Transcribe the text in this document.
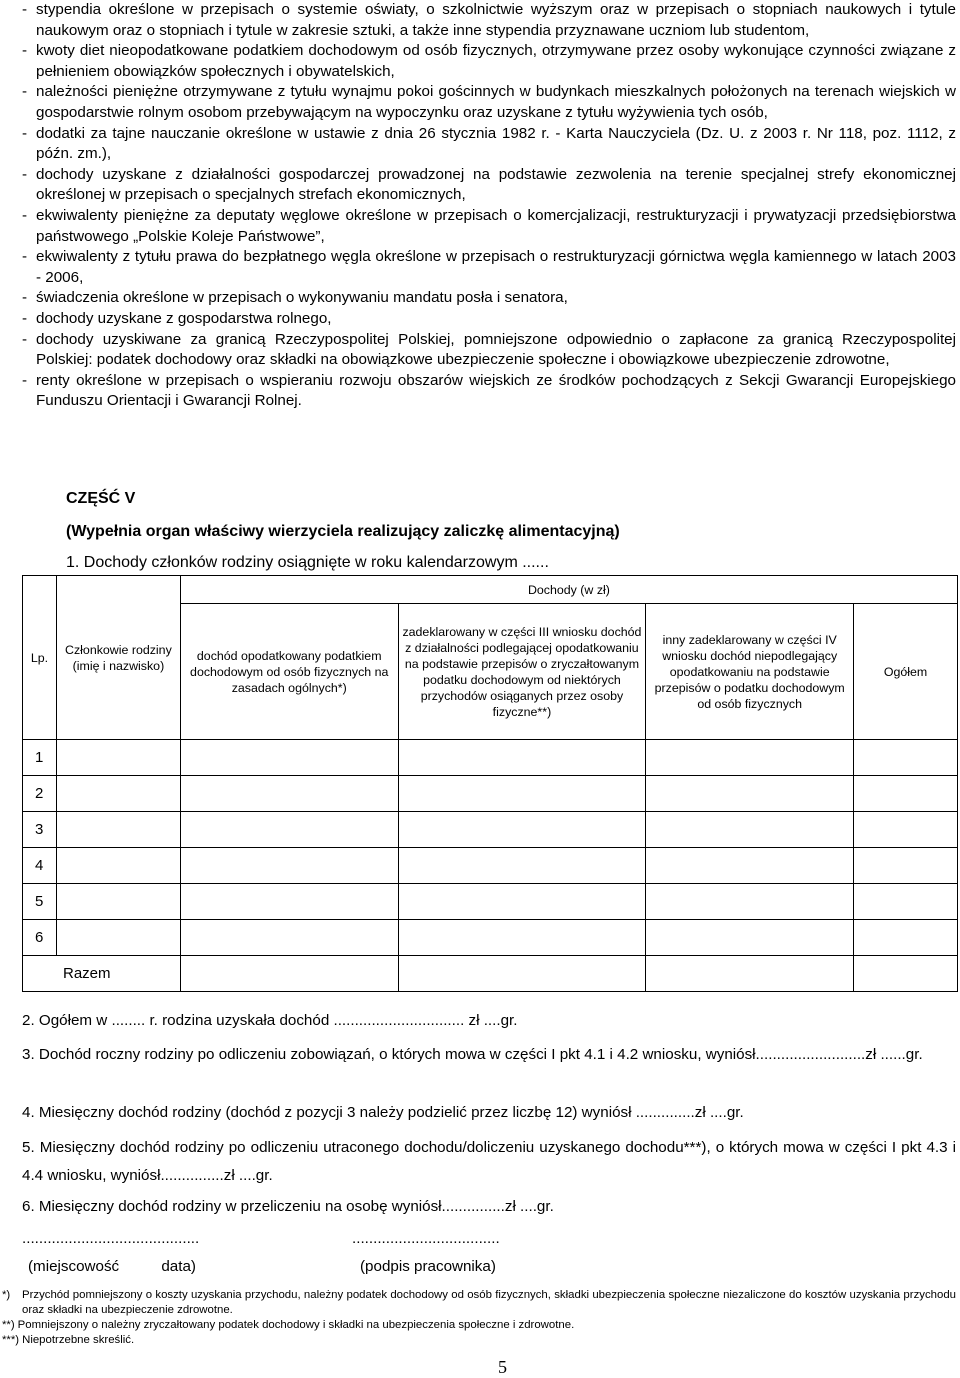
- stypendia określone w przepisach o systemie oświaty, o szkolnictwie wyższym oraz w przepisach o stopniach naukowych i tytule naukowym oraz o stopniach i tytule w zakresie sztuki, a także inne stypendia przyznawane uczniom lub studentom,
- kwoty diet nieopodatkowane podatkiem dochodowym od osób fizycznych, otrzymywane przez osoby wykonujące czynności związane z pełnieniem obowiązków społecznych i obywatelskich,
- należności pieniężne otrzymywane z tytułu wynajmu pokoi gościnnych w budynkach mieszkalnych położonych na terenach wiejskich w gospodarstwie rolnym osobom przebywającym na wypoczynku oraz uzyskane z tytułu wyżywienia tych osób,
- dodatki za tajne nauczanie określone w ustawie z dnia 26 stycznia 1982 r. - Karta Nauczyciela (Dz. U. z 2003 r. Nr 118, poz. 1112, z późn. zm.),
- dochody uzyskane z działalności gospodarczej prowadzonej na podstawie zezwolenia na terenie specjalnej strefy ekonomicznej określonej w przepisach o specjalnych strefach ekonomicznych,
- ekwiwalenty pieniężne za deputaty węglowe określone w przepisach o komercjalizacji, restrukturyzacji i prywatyzacji przedsiębiorstwa państwowego „Polskie Koleje Państwowe”,
- ekwiwalenty z tytułu prawa do bezpłatnego węgla określone w przepisach o restrukturyzacji górnictwa węgla kamiennego w latach 2003 - 2006,
- świadczenia określone w przepisach o wykonywaniu mandatu posła i senatora,
- dochody uzyskane z gospodarstwa rolnego,
- dochody uzyskiwane za granicą Rzeczypospolitej Polskiej, pomniejszone odpowiednio o zapłacone za granicą Rzeczypospolitej Polskiej: podatek dochodowy oraz składki na obowiązkowe ubezpieczenie społeczne i obowiązkowe ubezpieczenie zdrowotne,
- renty określone w przepisach o wspieraniu rozwoju obszarów wiejskich ze środków pochodzących z Sekcji Gwarancji Europejskiego Funduszu Orientacji i Gwarancji Rolnej.
CZĘŚĆ V
(Wypełnia organ właściwy wierzyciela realizujący zaliczkę alimentacyjną)
1. Dochody członków rodziny osiągnięte w roku kalendarzowym ......
Lp.	Członkowie rodziny (imię i nazwisko)	Dochody (w zł)			
		dochód opodatkowany podatkiem dochodowym od osób fizycznych na zasadach ogólnych*)	zadeklarowany w części III wniosku dochód z działalności podlegającej opodatkowaniu na podstawie przepisów o zryczałtowanym podatku dochodowym od niektórych przychodów osiąganych przez osoby fizyczne**)	inny zadeklarowany w części IV wniosku dochód niepodlegający opodatkowaniu na podstawie przepisów o podatku dochodowym od osób fizycznych	Ogółem
1					
2					
3					
4					
5					
6					
Razem					

2. Ogółem w ........ r. rodzina uzyskała dochód ............................... zł ....gr.

3. Dochód roczny rodziny po odliczeniu zobowiązań, o których mowa w części I pkt 4.1 i 4.2 wniosku, wyniósł..........................zł ......gr.

4. Miesięczny dochód rodziny (dochód z pozycji 3 należy podzielić przez liczbę 12) wyniósł ..............zł ....gr.

5. Miesięczny dochód rodziny po odliczeniu utraconego dochodu/doliczeniu uzyskanego dochodu***), o których mowa w części I pkt 4.3 i 4.4 wniosku, wyniósł...............zł ....gr.

6. Miesięczny dochód rodziny w przeliczeniu na osobę wyniósł...............zł ....gr.

..........................................	...................................

(miejscowość          data)	(podpis pracownika)

*)	Przychód pomniejszony o koszty uzyskania przychodu, należny podatek dochodowy od osób fizycznych, składki ubezpieczenia społeczne niezaliczone do kosztów uzyskania przychodu oraz składki na ubezpieczenie zdrowotne.
**) Pomniejszony o należny zryczałtowany podatek dochodowy i składki na ubezpieczenia społeczne i zdrowotne.
***) Niepotrzebne skreślić.
5
